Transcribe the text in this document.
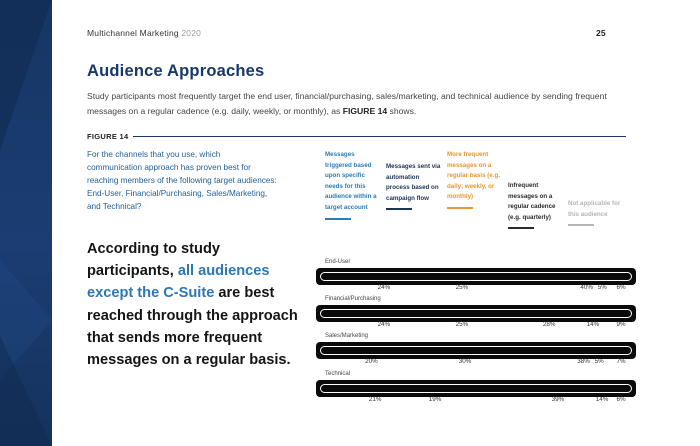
Multichannel Marketing 2020	25
Audience Approaches

Study participants most frequently target the end user, financial/purchasing, sales/marketing, and technical audience by sending frequent messages on a regular cadence (e.g. daily, weekly, or monthly), as FIGURE 14 shows.

FIGURE 14
For the channels that you use, which communication approach has proven best for reaching members of the following target audiences: End-User, Financial/Purchasing, Sales/Marketing, and Technical?

According to study participants, all audiences except the C-Suite are best reached through the approach that sends more frequent messages on a regular basis.

Messages triggered based upon specific needs for this audience within a target account
Messages sent via automation process based on campaign flow
More frequent messages on a regular basis (e.g. daily; weekly, or monthly)
Infrequent messages on a regular cadence (e.g. quarterly)
Not applicable for this audience
End-User
24%	25%	40% 5% 6%
Financial/Purchasing
24%	25%	28%	14%	9%
Sales/Marketing
20%	30%	38% 5% 7%
Technical
21%	19%	39%	14% 6%
